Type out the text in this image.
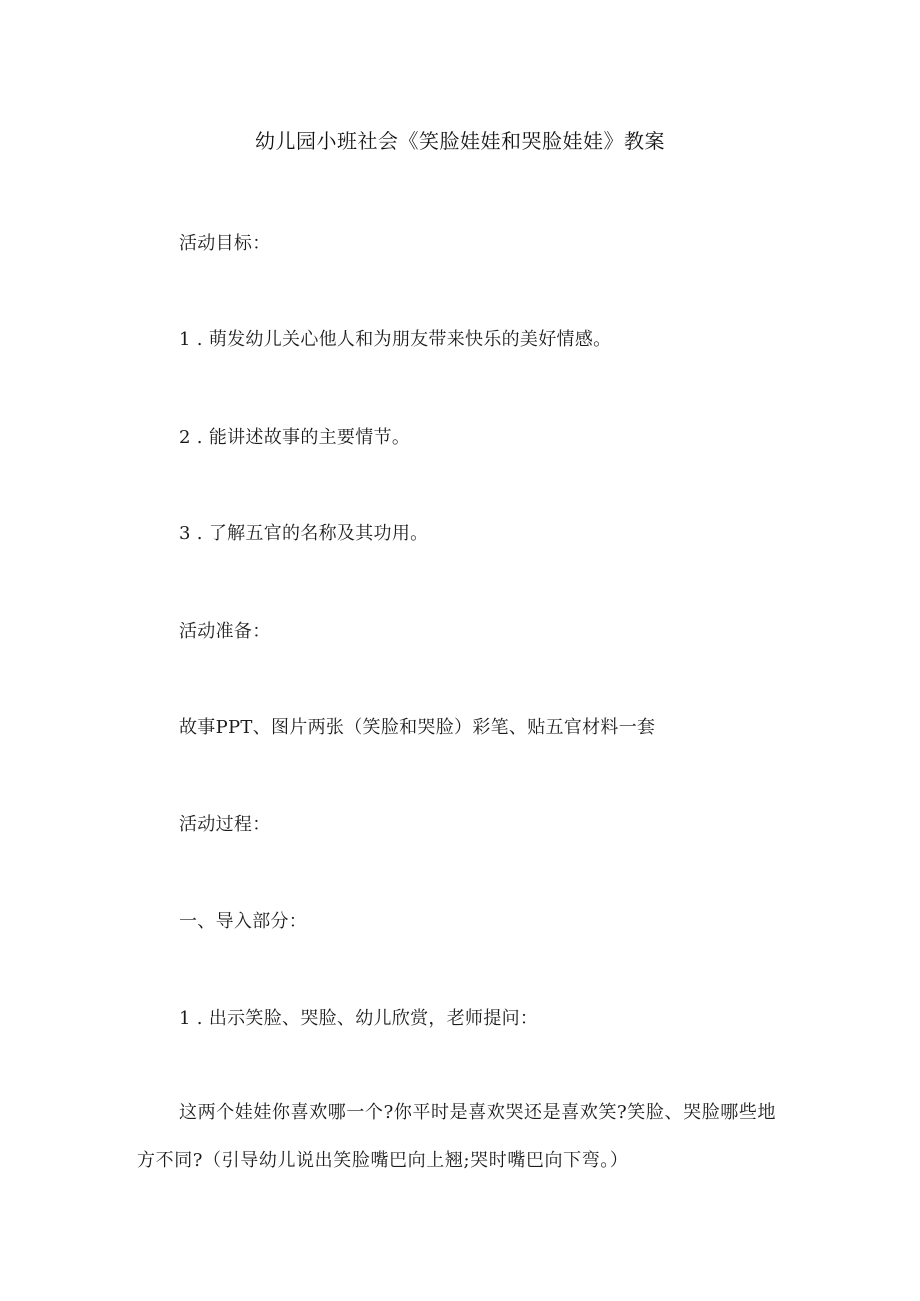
幼儿园小班社会《笑脸娃娃和哭脸娃娃》教案
活动目标：
1 . 萌发幼儿关心他人和为朋友带来快乐的美好情感。
2 . 能讲述故事的主要情节。
3 . 了解五官的名称及其功用。
活动准备：
故事PPT、图片两张（笑脸和哭脸）彩笔、贴五官材料一套
活动过程：
一、导入部分：
1 . 出示笑脸、哭脸、幼儿欣赏，老师提问：
这两个娃娃你喜欢哪一个?你平时是喜欢哭还是喜欢笑?笑脸、哭脸哪些地方不同?（引导幼儿说出笑脸嘴巴向上翘;哭时嘴巴向下弯。）
